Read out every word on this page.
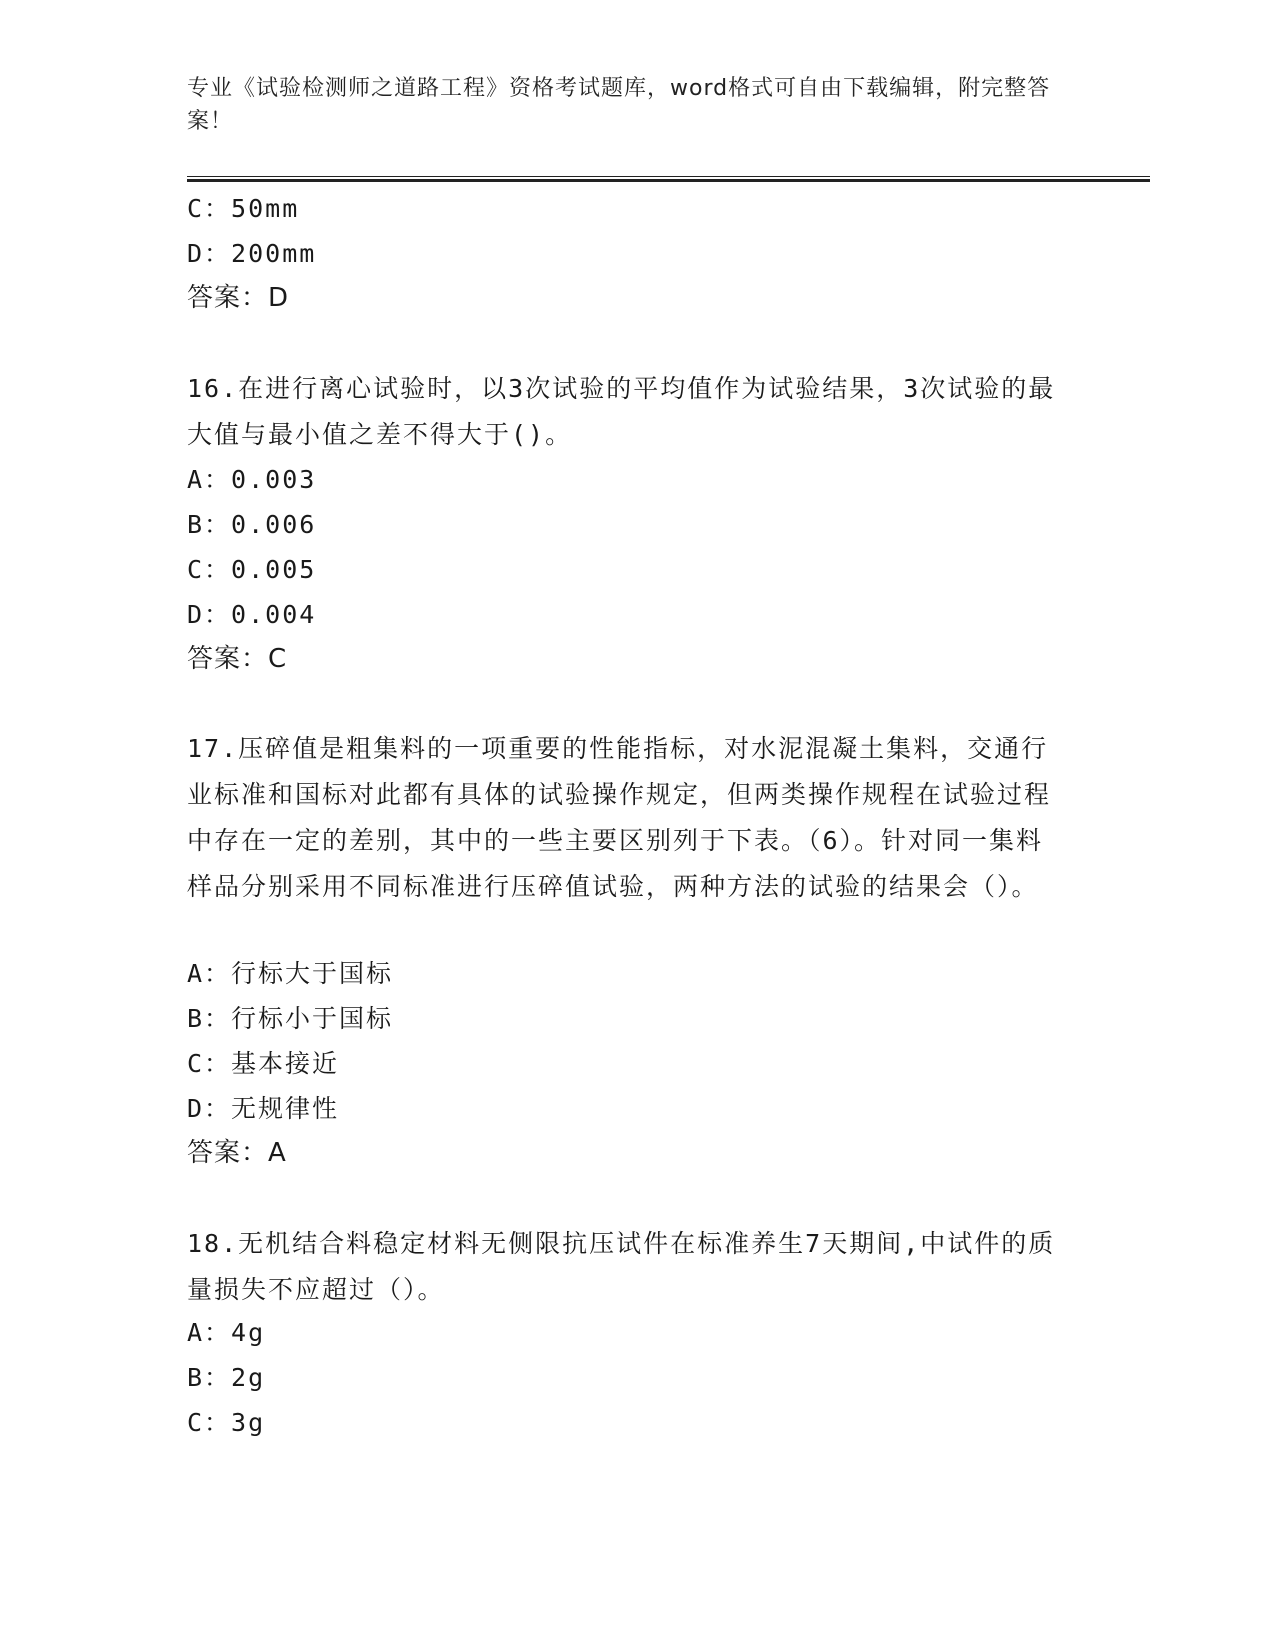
专业《试验检测师之道路工程》资格考试题库，word格式可自由下载编辑，附完整答案！
C：50mm
D：200mm
答案：D
16.在进行离心试验时，以3次试验的平均值作为试验结果，3次试验的最大值与最小值之差不得大于()。
A：0.003
B：0.006
C：0.005
D：0.004
答案：C
17.压碎值是粗集料的一项重要的性能指标，对水泥混凝土集料，交通行业标准和国标对此都有具体的试验操作规定，但两类操作规程在试验过程中存在一定的差别，其中的一些主要区别列于下表。（6）。针对同一集料样品分别采用不同标准进行压碎值试验，两种方法的试验的结果会（）。
A：行标大于国标
B：行标小于国标
C：基本接近
D：无规律性
答案：A
18.无机结合料稳定材料无侧限抗压试件在标准养生7天期间,中试件的质量损失不应超过（）。
A：4g
B：2g
C：3g
